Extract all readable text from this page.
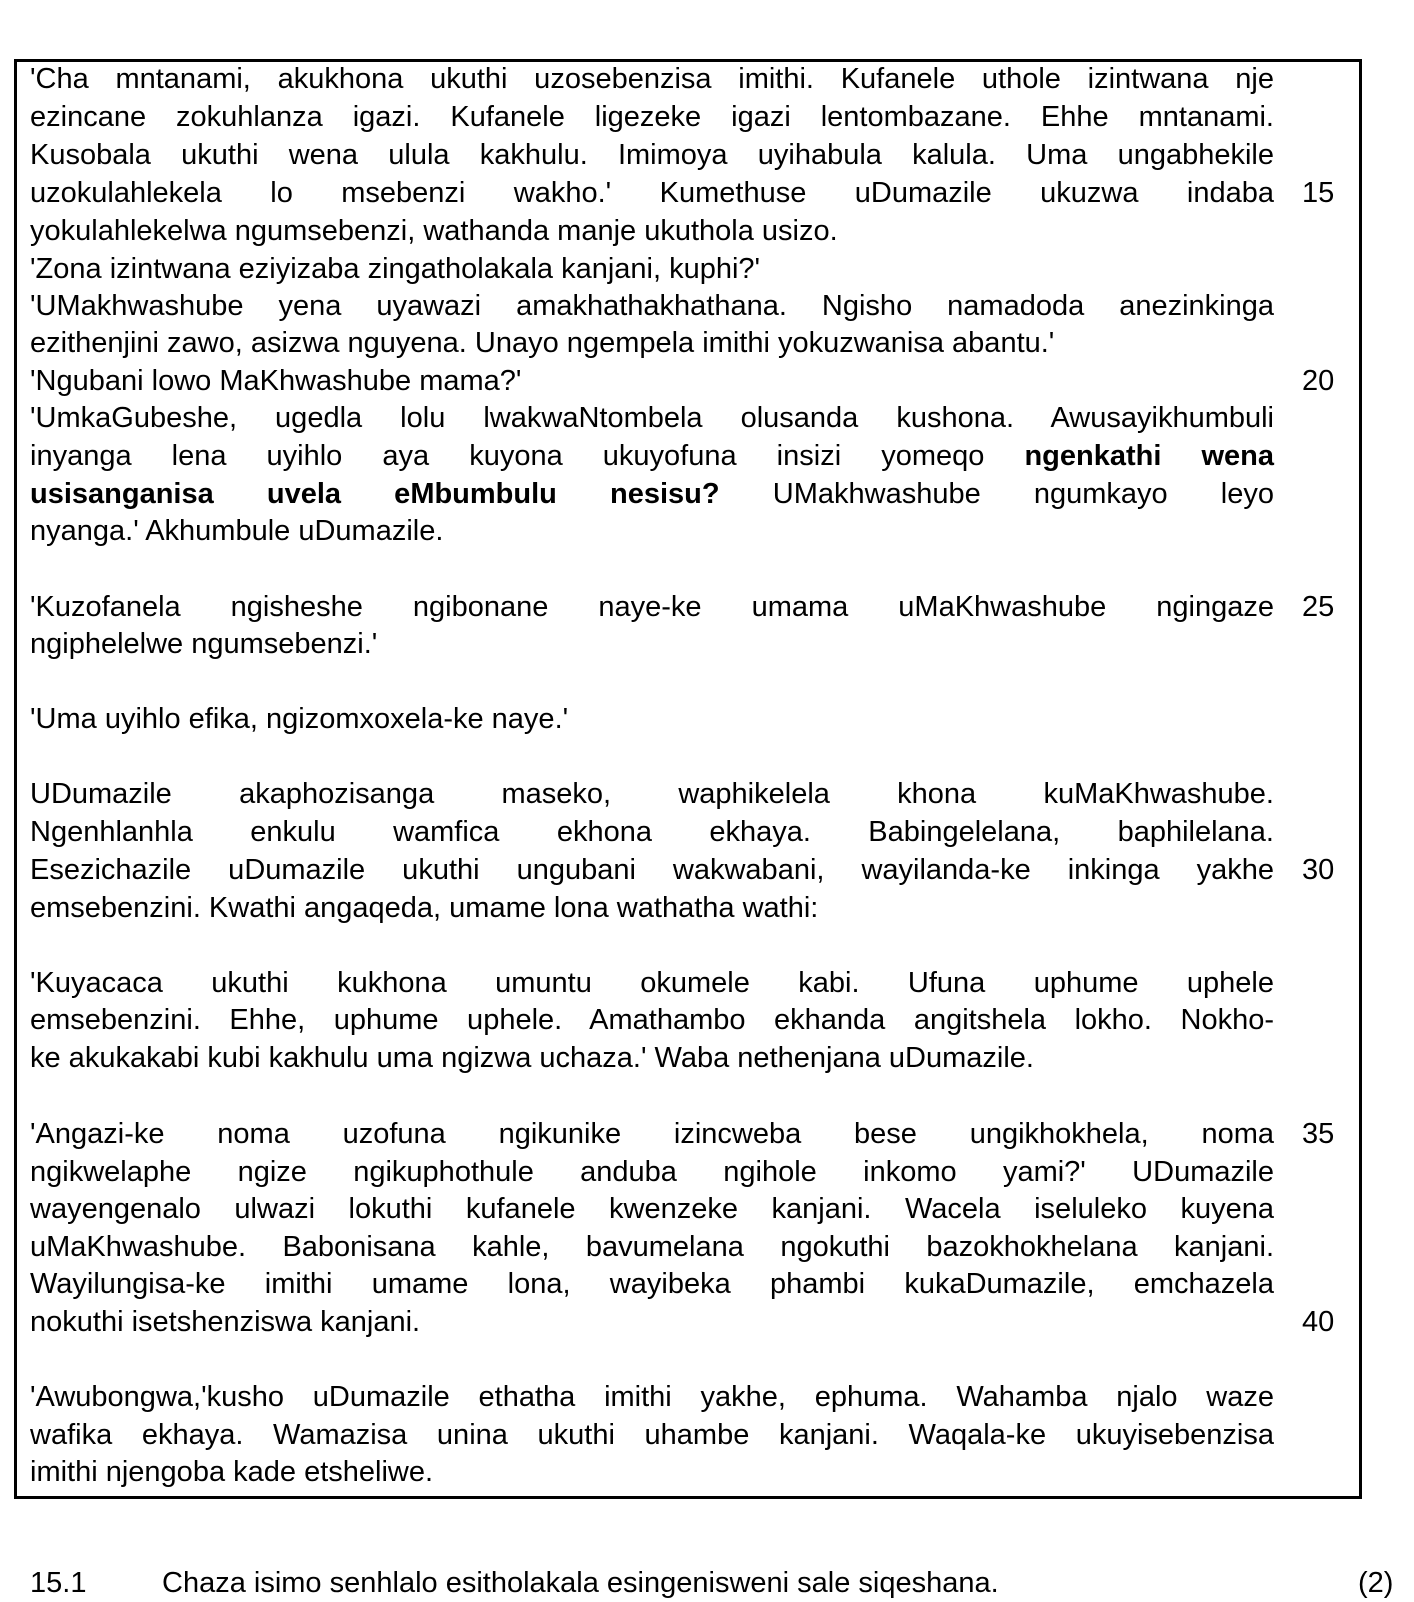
'Cha mntanami, akukhona ukuthi uzosebenzisa imithi. Kufanele uthole izintwana nje
ezincane zokuhlanza igazi. Kufanele ligezeke igazi lentombazane. Ehhe mntanami.
Kusobala ukuthi wena ulula kakhulu. Imimoya uyihabula kalula. Uma ungabhekile
uzokulahlekela lo msebenzi wakho.' Kumethuse uDumazile ukuzwa indaba 15
yokulahlekelwa ngumsebenzi, wathanda manje ukuthola usizo.
'Zona izintwana eziyizaba zingatholakala kanjani, kuphi?'
'UMakhwashube yena uyawazi amakhathakhathana. Ngisho namadoda anezinkinga
ezithenjini zawo, asizwa nguyena. Unayo ngempela imithi yokuzwanisa abantu.'
'Ngubani lowo MaKhwashube mama?'	20
'UmkaGubeshe, ugedla lolu lwakwaNtombela olusanda kushona. Awusayikhumbuli
inyanga lena uyihlo aya kuyona ukuyofuna insizi yomeqo ngenkathi wena
usisanganisa uvela eMbumbulu nesisu? UMakhwashube ngumkayo leyo
nyanga.' Akhumbule uDumazile.
'Kuzofanela ngisheshe ngibonane naye-ke umama uMaKhwashube ngingaze 25
ngiphelelwe ngumsebenzi.'
'Uma uyihlo efika, ngizomxoxela-ke naye.'
UDumazile akaphozisanga maseko, waphikelela khona kuMaKhwashube.
Ngenhlanhla enkulu wamfica ekhona ekhaya. Babingelelana, baphilelana.
Esezichazile uDumazile ukuthi ungubani wakwabani, wayilanda-ke inkinga yakhe 30
emsebenzini. Kwathi angaqeda, umame lona wathatha wathi:
'Kuyacaca ukuthi kukhona umuntu okumele kabi. Ufuna uphume uphele
emsebenzini. Ehhe, uphume uphele. Amathambo ekhanda angitshela lokho. Nokho-
ke akukakabi kubi kakhulu uma ngizwa uchaza.' Waba nethenjana uDumazile.
'Angazi-ke noma uzofuna ngikunike izincweba bese ungikhokhela, noma 35
ngikwelaphe ngize ngikuphothule anduba ngihole inkomo yami?' UDumazile
wayengenalo ulwazi lokuthi kufanele kwenzeke kanjani. Wacela iseluleko kuyena
uMaKhwashube. Babonisana kahle, bavumelana ngokuthi bazokhokhelana kanjani.
Wayilungisa-ke imithi umame lona, wayibeka phambi kukaDumazile, emchazela
nokuthi isetshenziswa kanjani.	40
'Awubongwa,'kusho uDumazile ethatha imithi yakhe, ephuma. Wahamba njalo waze
wafika ekhaya. Wamazisa unina ukuthi uhambe kanjani. Waqala-ke ukuyisebenzisa
imithi njengoba kade etsheliwe.
15.1	Chaza isimo senhlalo esitholakala esingenisweni sale siqeshana.	(2)
